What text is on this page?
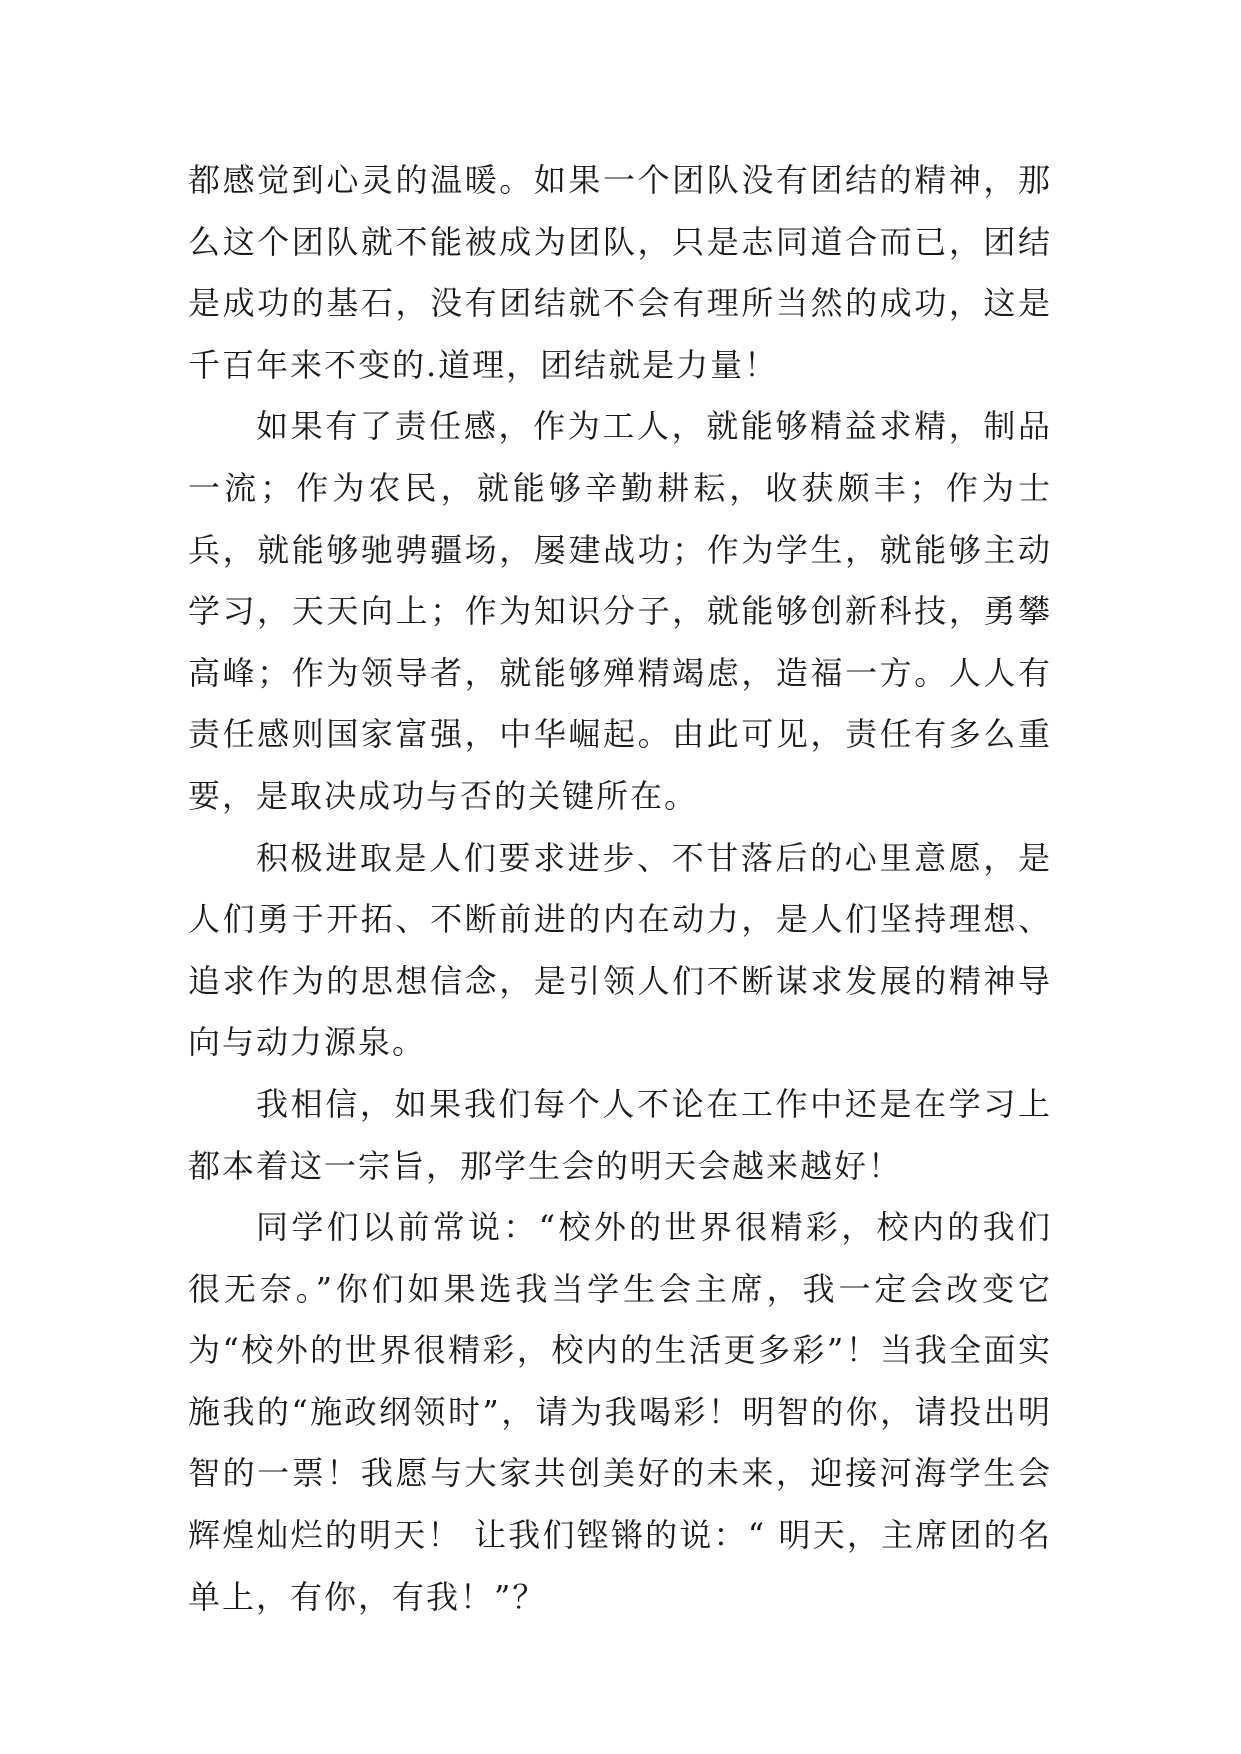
都感觉到心灵的温暖。如果一个团队没有团结的精神，那么这个团队就不能被成为团队，只是志同道合而已，团结是成功的基石，没有团结就不会有理所当然的成功，这是千百年来不变的.道理，团结就是力量！

如果有了责任感，作为工人，就能够精益求精，制品一流；作为农民，就能够辛勤耕耘，收获颇丰；作为士兵，就能够驰骋疆场，屡建战功；作为学生，就能够主动学习，天天向上；作为知识分子，就能够创新科技，勇攀高峰；作为领导者，就能够殚精竭虑，造福一方。人人有责任感则国家富强，中华崛起。由此可见，责任有多么重要，是取决成功与否的关键所在。

积极进取是人们要求进步、不甘落后的心里意愿，是人们勇于开拓、不断前进的内在动力，是人们坚持理想、追求作为的思想信念，是引领人们不断谋求发展的精神导向与动力源泉。

我相信，如果我们每个人不论在工作中还是在学习上都本着这一宗旨，那学生会的明天会越来越好！

同学们以前常说：“校外的世界很精彩，校内的我们很无奈。”你们如果选我当学生会主席，我一定会改变它为“校外的世界很精彩，校内的生活更多彩”！当我全面实施我的“施政纲领时”，请为我喝彩！明智的你，请投出明智的一票！我愿与大家共创美好的未来，迎接河海学生会辉煌灿烂的明天！ 让我们铿锵的说：“ 明天，主席团的名单上，有你，有我！”？
